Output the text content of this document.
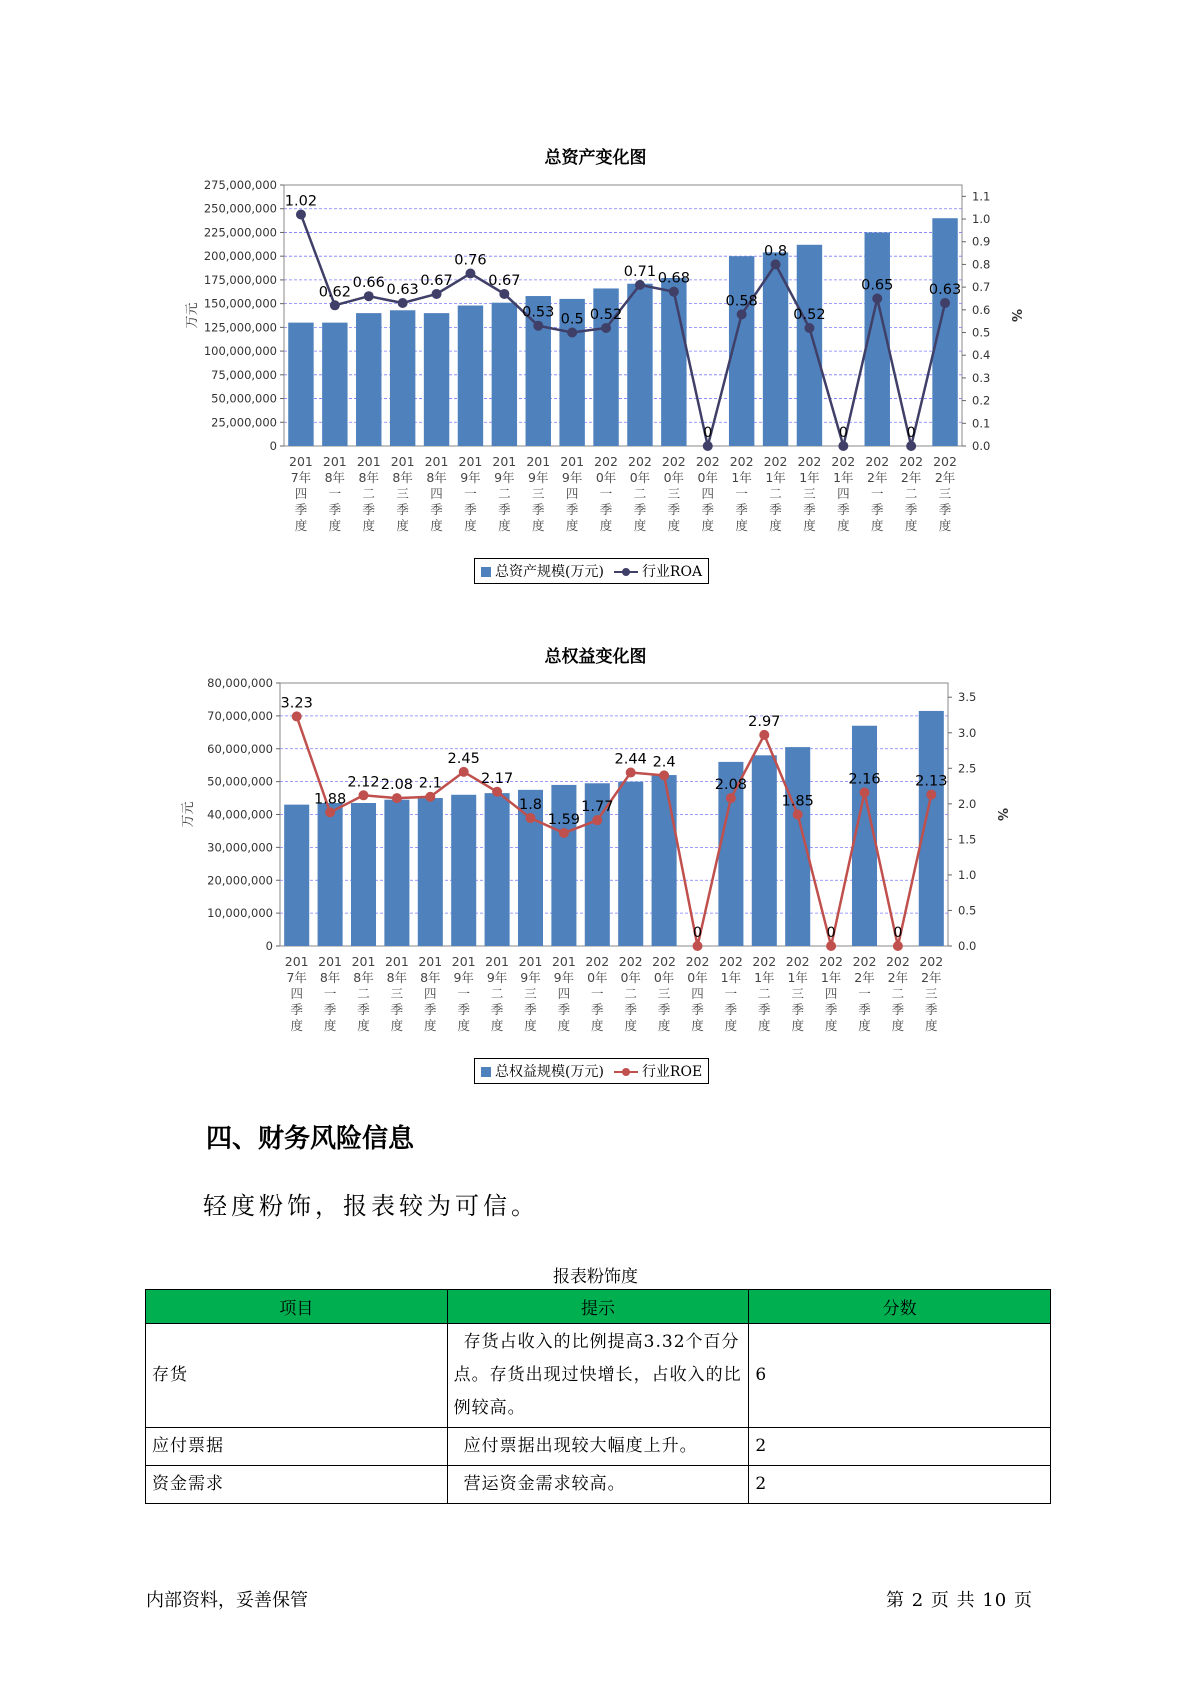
总资产变化图
0
25,000,000
50,000,000
75,000,000
100,000,000
125,000,000
150,000,000
175,000,000
200,000,000
225,000,000
250,000,000
275,000,000
0.0
0.1
0.2
0.3
0.4
0.5
0.6
0.7
0.8
0.9
1.0
1.1
万元	%
201 7年四季度
201 8年一季度
201 8年二季度
201 8年三季度
201 8年四季度
201 9年一季度
201 9年二季度
201 9年三季度
201 9年四季度
202 0年一季度
202 0年二季度
202 0年三季度
202 0年四季度
202 1年一季度
202 1年二季度
202 1年三季度
202 1年四季度
202 2年一季度
202 2年二季度
202 2年三季度
1.02
0.62
0.66 0.63
0.67
0.76
0.67
0.53 0.5 0.52
0.71 0.68
0
0.58
0.8
0.52
0
0.65
0
0.63
总资产规模(万元)	行业ROA
总权益变化图
0
10,000,000
20,000,000
30,000,000
40,000,000
50,000,000
60,000,000
70,000,000
80,000,000
0.0
0.5
1.0
1.5
2.0
2.5
3.0
3.5
万元	%
201 7年四季度
201 8年一季度
201 8年二季度
201 8年三季度
201 8年四季度
201 9年一季度
201 9年二季度
201 9年三季度
201 9年四季度
202 0年一季度
202 0年二季度
202 0年三季度
202 0年四季度
202 1年一季度
202 1年二季度
202 1年三季度
202 1年四季度
202 2年一季度
202 2年二季度
202 2年三季度
3.23
1.88
2.12 2.08 2.1
2.45
2.17
1.8
1.59
1.77
2.44 2.4
0
2.08
2.97
1.85
0
2.16
0
2.13
总权益规模(万元)	行业ROE
四、财务风险信息
轻度粉饰，报表较为可信。
报表粉饰度
项目	提示	分数
存货	存货占收入的比例提高3.32个百分点。存货出现过快增长，占收入的比例较高。	6
应付票据	应付票据出现较大幅度上升。	2
资金需求	营运资金需求较高。	2
内部资料，妥善保管	第 2 页 共 10 页
